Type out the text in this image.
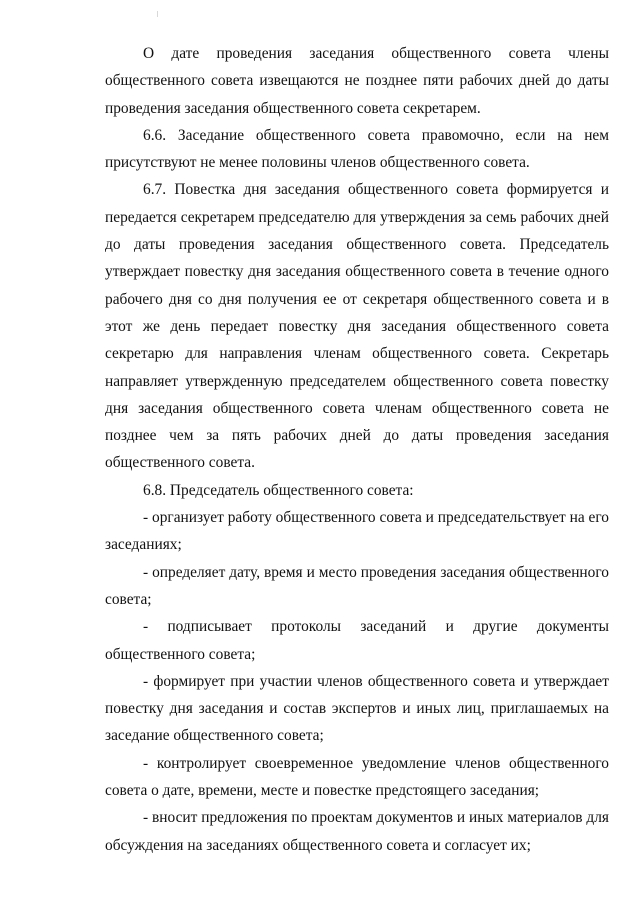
О дате проведения заседания общественного совета члены общественного совета извещаются не позднее пяти рабочих дней до даты проведения заседания общественного совета секретарем.

6.6. Заседание общественного совета правомочно, если на нем присутствуют не менее половины членов общественного совета.

6.7. Повестка дня заседания общественного совета формируется и передается секретарем председателю для утверждения за семь рабочих дней до даты проведения заседания общественного совета. Председатель утверждает повестку дня заседания общественного совета в течение одного рабочего дня со дня получения ее от секретаря общественного совета и в этот же день передает повестку дня заседания общественного совета секретарю для направления членам общественного совета. Секретарь направляет утвержденную председателем общественного совета повестку дня заседания общественного совета членам общественного совета не позднее чем за пять рабочих дней до даты проведения заседания общественного совета.

6.8. Председатель общественного совета:

- организует работу общественного совета и председательствует на его заседаниях;

- определяет дату, время и место проведения заседания общественного совета;

- подписывает протоколы заседаний и другие документы общественного совета;

- формирует при участии членов общественного совета и утверждает повестку дня заседания и состав экспертов и иных лиц, приглашаемых на заседание общественного совета;

- контролирует своевременное уведомление членов общественного совета о дате, времени, месте и повестке предстоящего заседания;

- вносит предложения по проектам документов и иных материалов для обсуждения на заседаниях общественного совета и согласует их;
